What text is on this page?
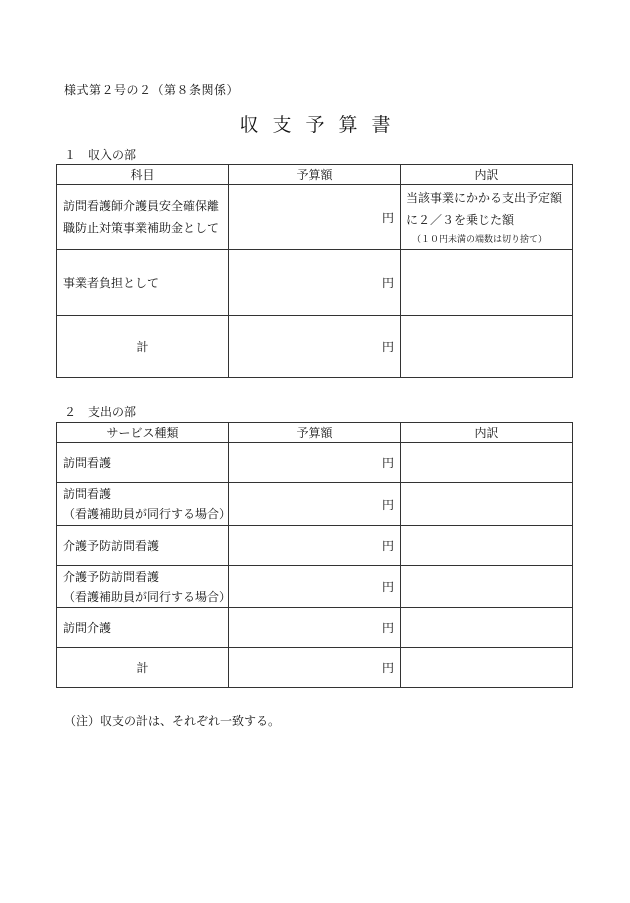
様式第２号の２（第８条関係）
収支予算書
１　収入の部
科目	予算額	内訳
訪問看護師介護員安全確保離
職防止対策事業補助金として	円	当該事業にかかる支出予定額
に２／３を乗じた額
（１０円未満の端数は切り捨て）

事業者負担として	円	
計	円	
２　支出の部
サービス種類	予算額	内訳
訪問看護	円	
訪問看護
（看護補助員が同行する場合）	円	
介護予防訪問看護	円	
介護予防訪問看護
（看護補助員が同行する場合）	円	
訪問介護	円	
計	円	
（注）収支の計は、それぞれ一致する。
